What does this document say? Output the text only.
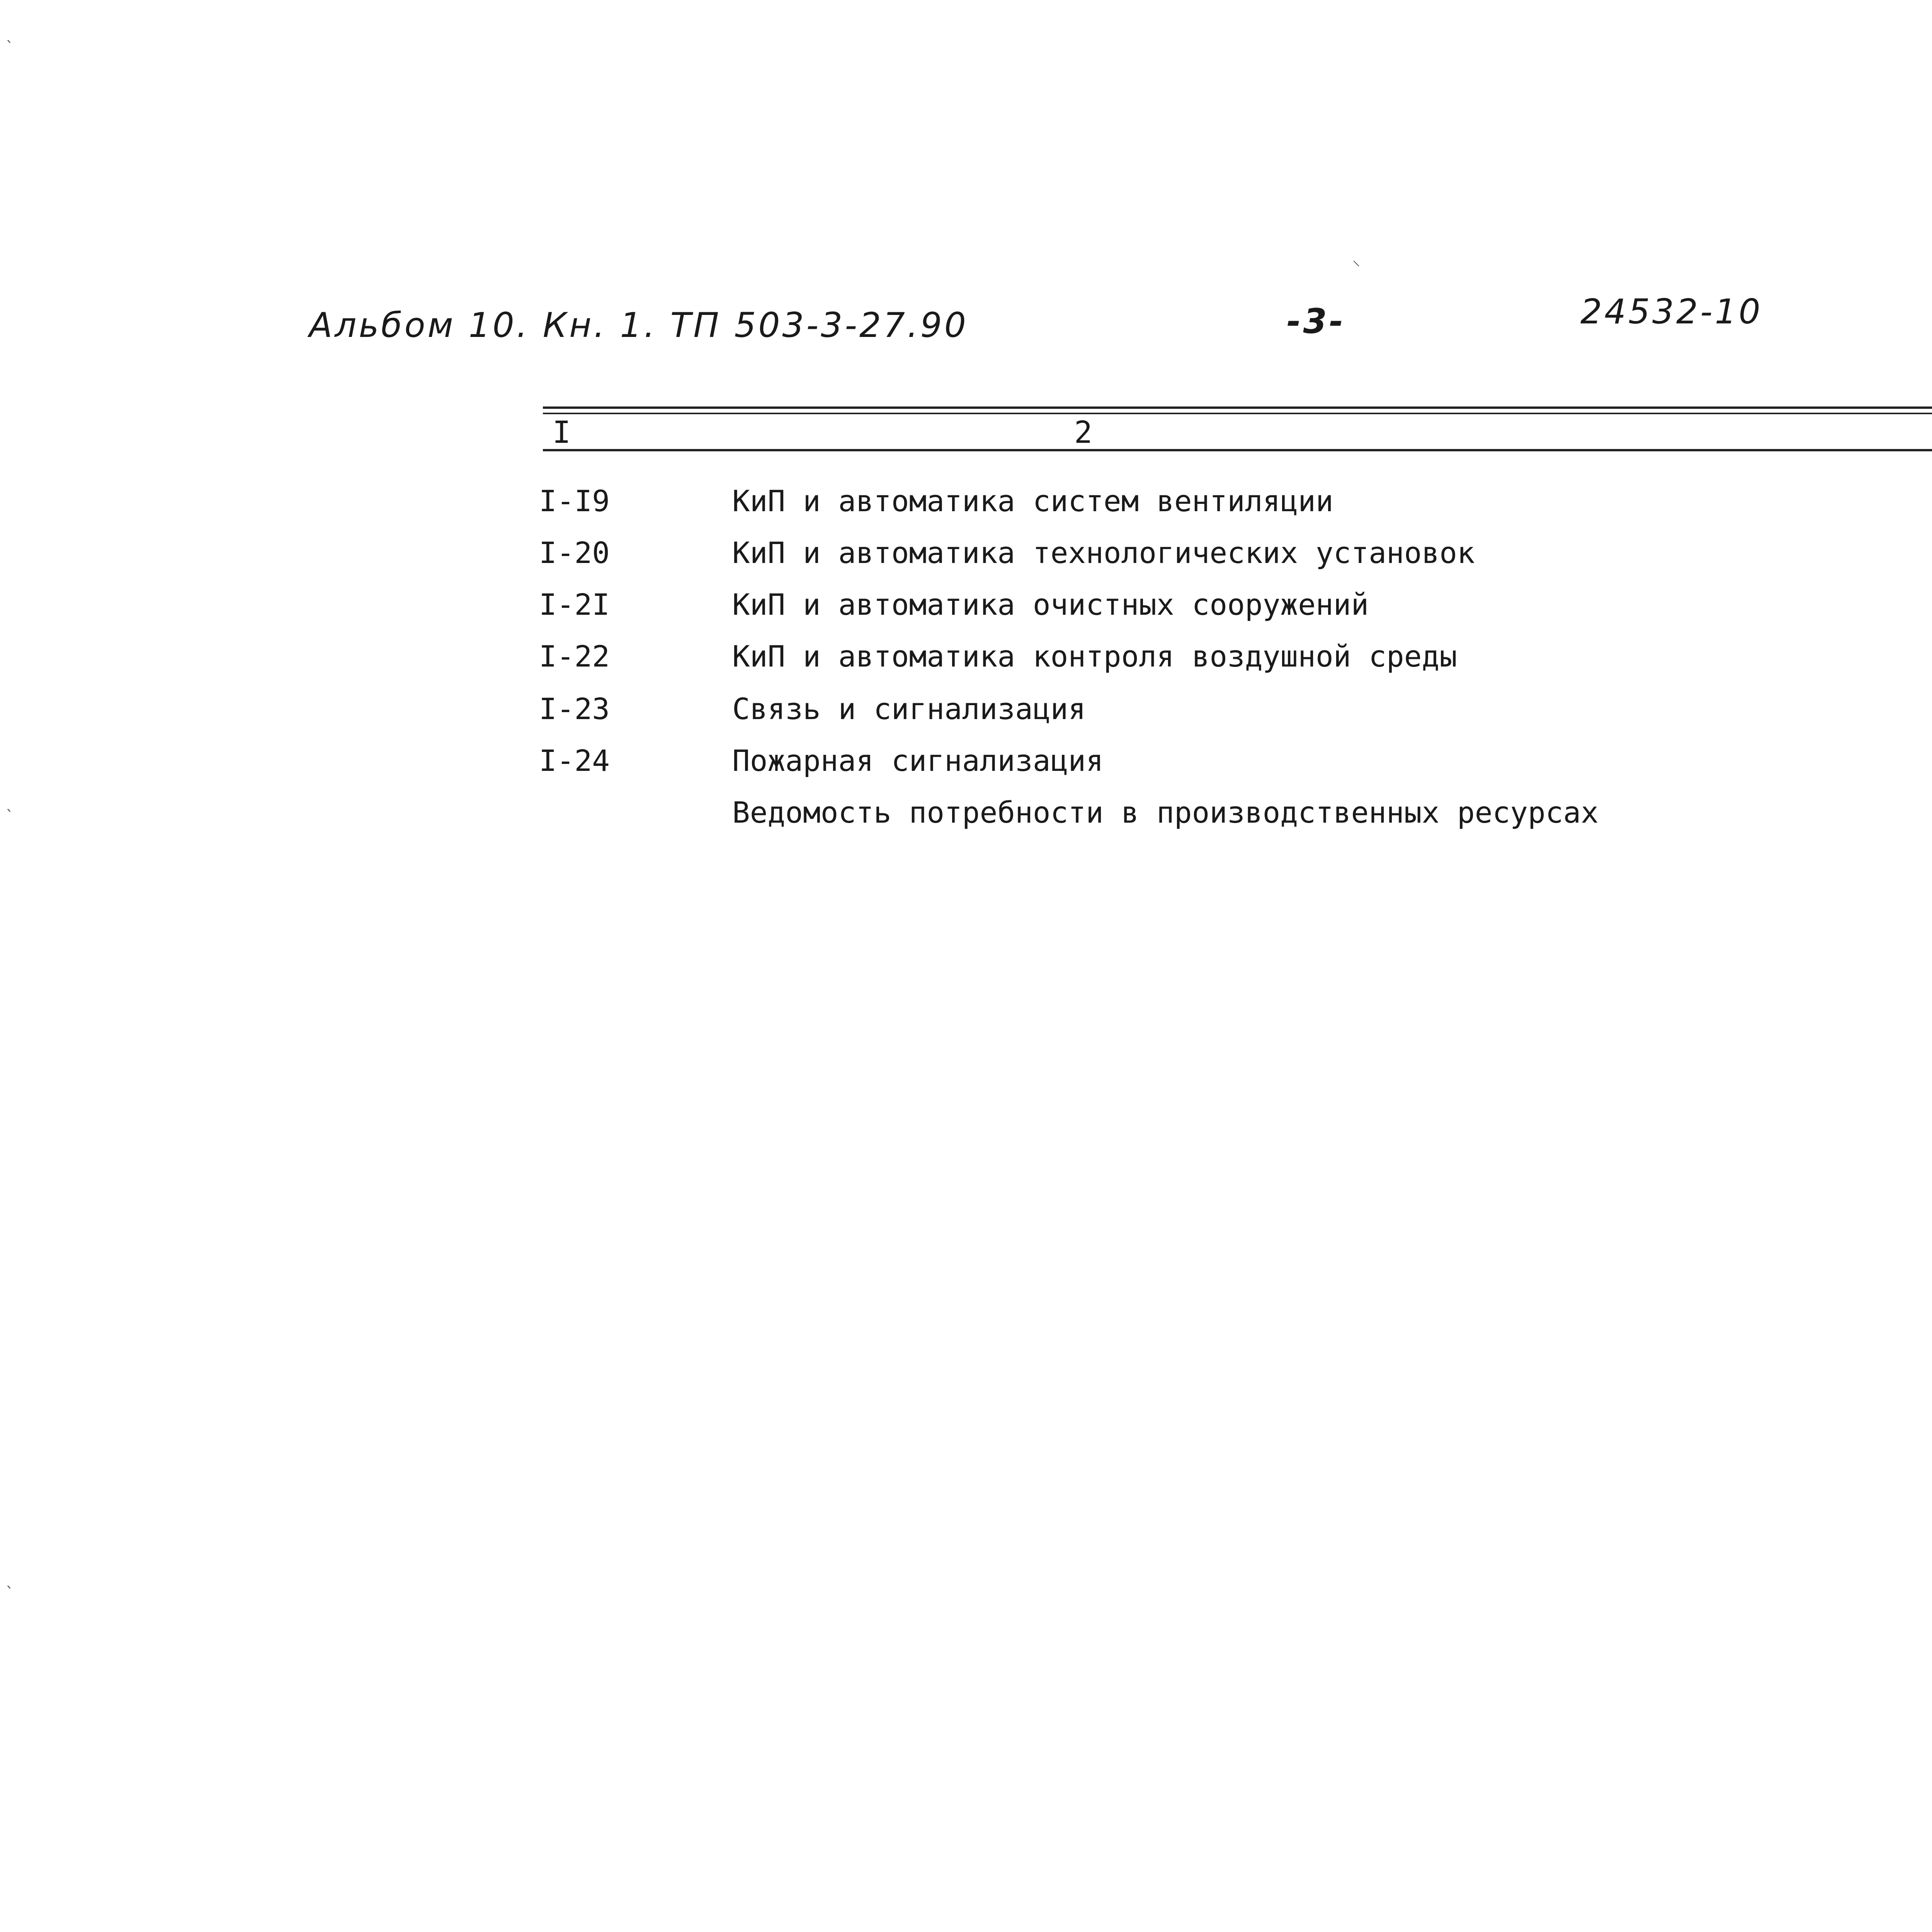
Альбом 10. Кн. 1. ТП 503-3-27.90	-3-	24532-10
⸌
ˋ
ˋ
ˋ
I	2
I-I9	КиП и автоматика систем вентиляции
I-20	КиП и автоматика технологических установок
I-2I	КиП и автоматика очистных сооружений
I-22	КиП и автоматика контроля воздушной среды
I-23	Связь и сигнализация
I-24	Пожарная сигнализация
Ведомость потребности в производственных ресурсах
